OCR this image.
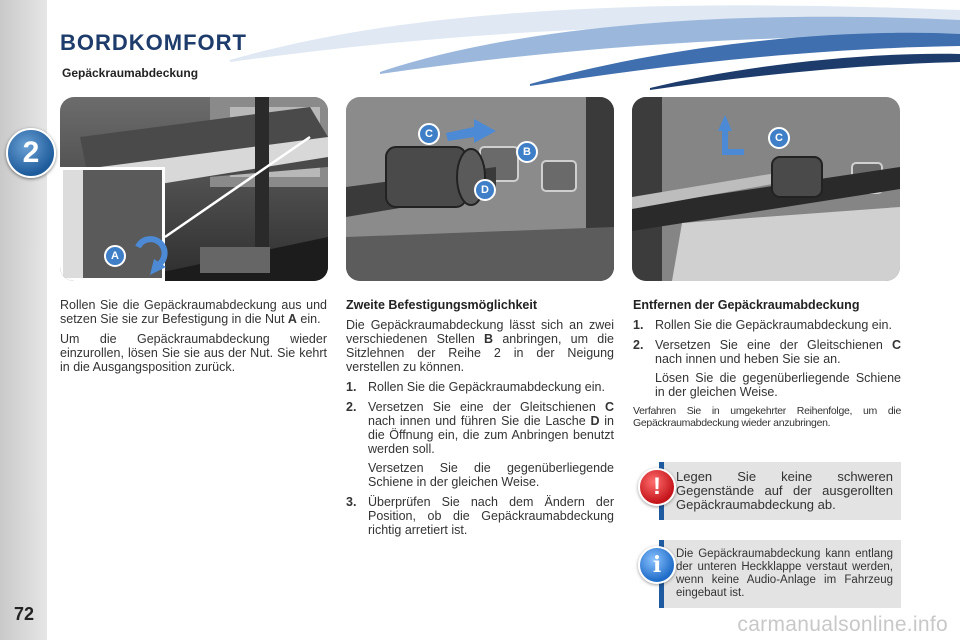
2
72
BORDKOMFORT
Gepäckraumabdeckung
A
C
B
D
C

Rollen Sie die Gepäckraumabdeckung aus und setzen Sie sie zur Befestigung in die Nut A ein.

Um die Gepäckraumabdeckung wieder einzurollen, lösen Sie sie aus der Nut. Sie kehrt in die Ausgangsposition zurück.

Zweite Befestigungsmöglichkeit

Die Gepäckraumabdeckung lässt sich an zwei verschiedenen Stellen B anbringen, um die Sitzlehnen der Reihe 2 in der Neigung verstellen zu können.

1. Rollen Sie die Gepäckraumabdeckung ein.
2. Versetzen Sie eine der Gleitschienen C nach innen und führen Sie die Lasche D in die Öffnung ein, die zum Anbringen benutzt werden soll.
Versetzen Sie die gegenüberliegende Schiene in der gleichen Weise.
3. Überprüfen Sie nach dem Ändern der Position, ob die Gepäckraumabdeckung richtig arretiert ist.
Entfernen der Gepäckraumabdeckung
1. Rollen Sie die Gepäckraumabdeckung ein.
2. Versetzen Sie eine der Gleitschienen C nach innen und heben Sie sie an.
Lösen Sie die gegenüberliegende Schiene in der gleichen Weise.

Verfahren Sie in umgekehrter Reihenfolge, um die Gepäckraumabdeckung wieder anzubringen.

!	Legen Sie keine schweren Gegenstände auf der ausgerollten Gepäckraumabdeckung ab.
i	Die Gepäckraumabdeckung kann entlang der unteren Heckklappe verstaut werden, wenn keine Audio-Anlage im Fahrzeug eingebaut ist.
carmanualsonline.info
